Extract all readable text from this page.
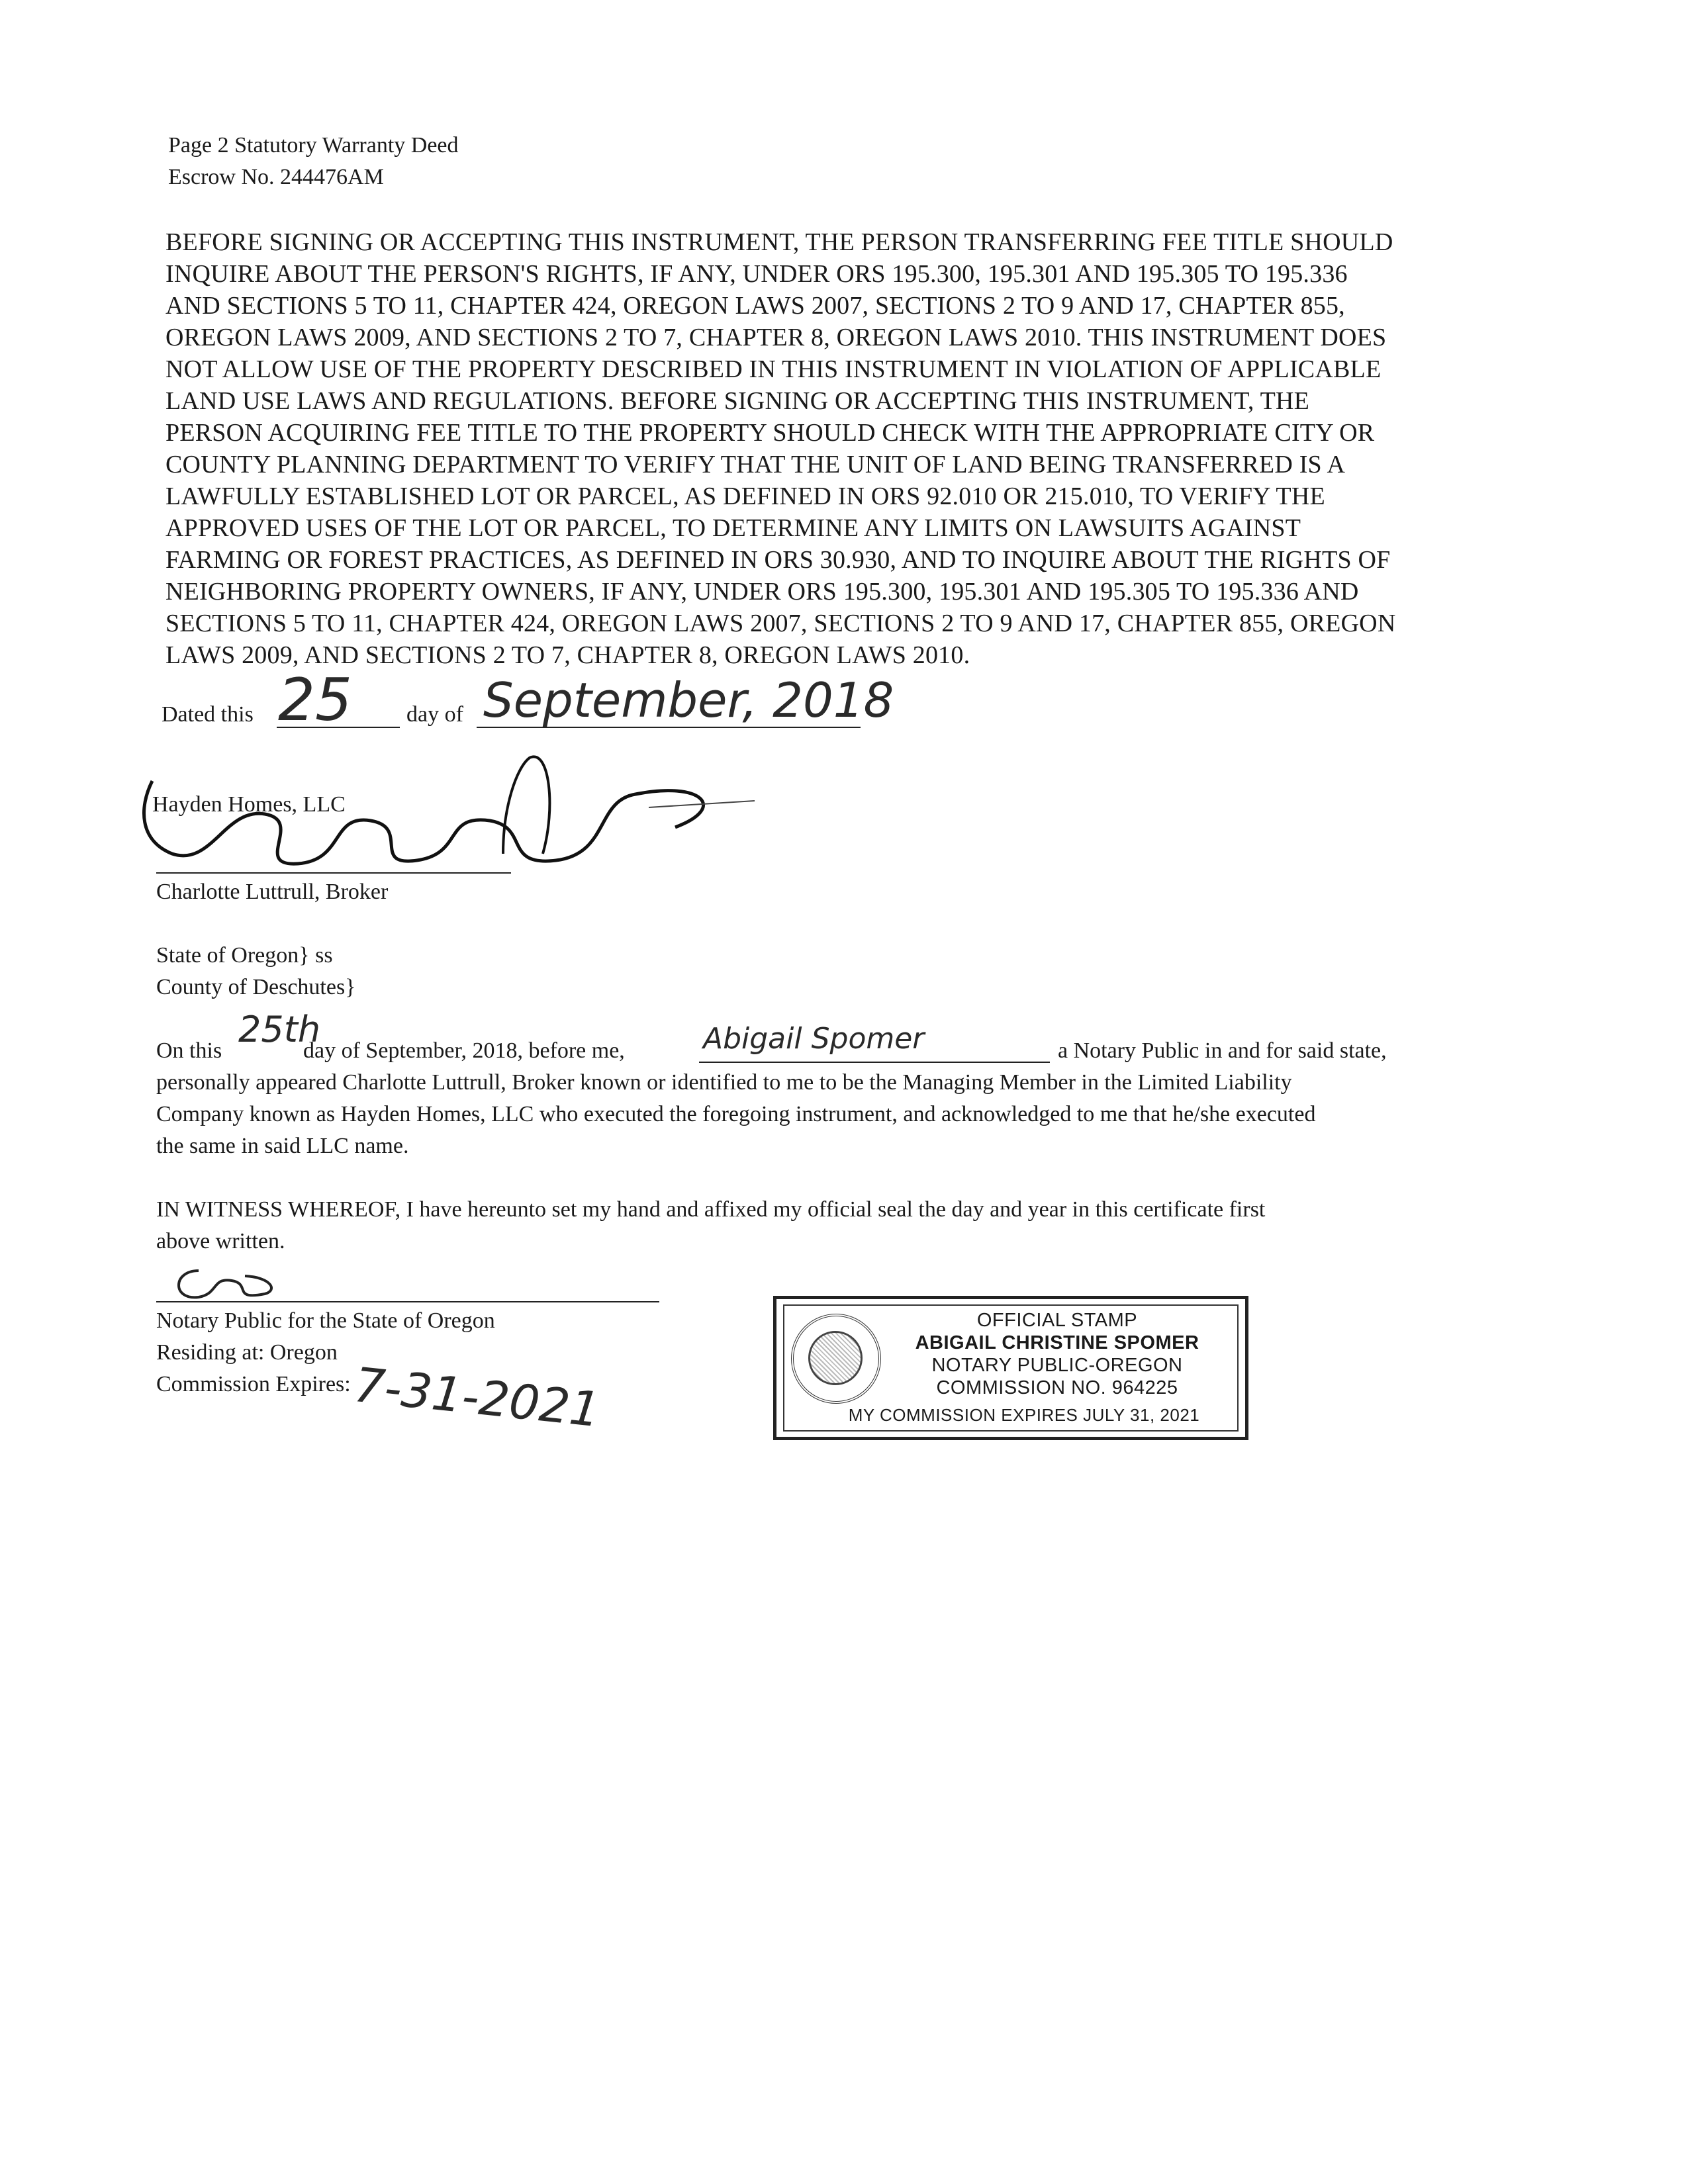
Page 2 Statutory Warranty Deed
Escrow No. 244476AM
BEFORE SIGNING OR ACCEPTING THIS INSTRUMENT, THE PERSON TRANSFERRING FEE TITLE SHOULD
INQUIRE ABOUT THE PERSON'S RIGHTS, IF ANY, UNDER ORS 195.300, 195.301 AND 195.305 TO 195.336
AND SECTIONS 5 TO 11, CHAPTER 424, OREGON LAWS 2007, SECTIONS 2 TO 9 AND 17, CHAPTER 855,
OREGON LAWS 2009, AND SECTIONS 2 TO 7, CHAPTER 8, OREGON LAWS 2010. THIS INSTRUMENT DOES
NOT ALLOW USE OF THE PROPERTY DESCRIBED IN THIS INSTRUMENT IN VIOLATION OF APPLICABLE
LAND USE LAWS AND REGULATIONS. BEFORE SIGNING OR ACCEPTING THIS INSTRUMENT, THE
PERSON ACQUIRING FEE TITLE TO THE PROPERTY SHOULD CHECK WITH THE APPROPRIATE CITY OR
COUNTY PLANNING DEPARTMENT TO VERIFY THAT THE UNIT OF LAND BEING TRANSFERRED IS A
LAWFULLY ESTABLISHED LOT OR PARCEL, AS DEFINED IN ORS 92.010 OR 215.010, TO VERIFY THE
APPROVED USES OF THE LOT OR PARCEL, TO DETERMINE ANY LIMITS ON LAWSUITS AGAINST
FARMING OR FOREST PRACTICES, AS DEFINED IN ORS 30.930, AND TO INQUIRE ABOUT THE RIGHTS OF
NEIGHBORING PROPERTY OWNERS, IF ANY, UNDER ORS 195.300, 195.301 AND 195.305 TO 195.336 AND
SECTIONS 5 TO 11, CHAPTER 424, OREGON LAWS 2007, SECTIONS 2 TO 9 AND 17, CHAPTER 855, OREGON
LAWS 2009, AND SECTIONS 2 TO 7, CHAPTER 8, OREGON LAWS 2010.
Dated this 25 day of September, 2018
Hayden Homes, LLC
Charlotte Luttrull, Broker
State of Oregon} ss
County of Deschutes}
On this
25th
day of September, 2018, before me,	Abigail Spomer	a Notary Public in and for said state,
personally appeared Charlotte Luttrull, Broker known or identified to me to be the Managing Member in the Limited Liability
Company known as Hayden Homes, LLC who executed the foregoing instrument, and acknowledged to me that he/she executed
the same in said LLC name.
IN WITNESS WHEREOF, I have hereunto set my hand and affixed my official seal the day and year in this certificate first
above written.
Notary Public for the State of Oregon
Residing at: Oregon
Commission Expires: 7-31-2021
OFFICIAL STAMP
ABIGAIL CHRISTINE SPOMER
NOTARY PUBLIC-OREGON
COMMISSION NO. 964225
MY COMMISSION EXPIRES JULY 31, 2021
